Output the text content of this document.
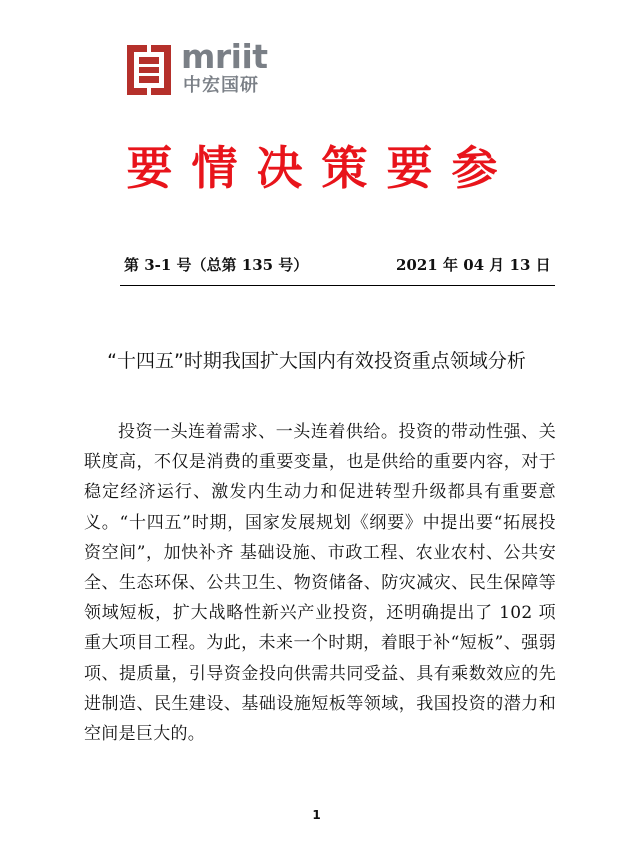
mriit
中宏国研
要情决策要参
第 3-1 号（总第 135 号）	2021 年 04 月 13 日
“十四五”时期我国扩大国内有效投资重点领域分析

投资一头连着需求、一头连着供给。投资的带动性强、关联度高，不仅是消费的重要变量，也是供给的重要内容，对于稳定经济运行、激发内生动力和促进转型升级都具有重要意义。“十四五”时期，国家发展规划《纲要》中提出要“拓展投资空间”，加快补齐 基础设施、市政工程、农业农村、公共安全、生态环保、公共卫生、物资储备、防灾减灾、民生保障等领域短板，扩大战略性新兴产业投资，还明确提出了 102 项重大项目工程。为此，未来一个时期，着眼于补“短板”、强弱项、提质量，引导资金投向供需共同受益、具有乘数效应的先进制造、民生建设、基础设施短板等领域，我国投资的潜力和空间是巨大的。

1
